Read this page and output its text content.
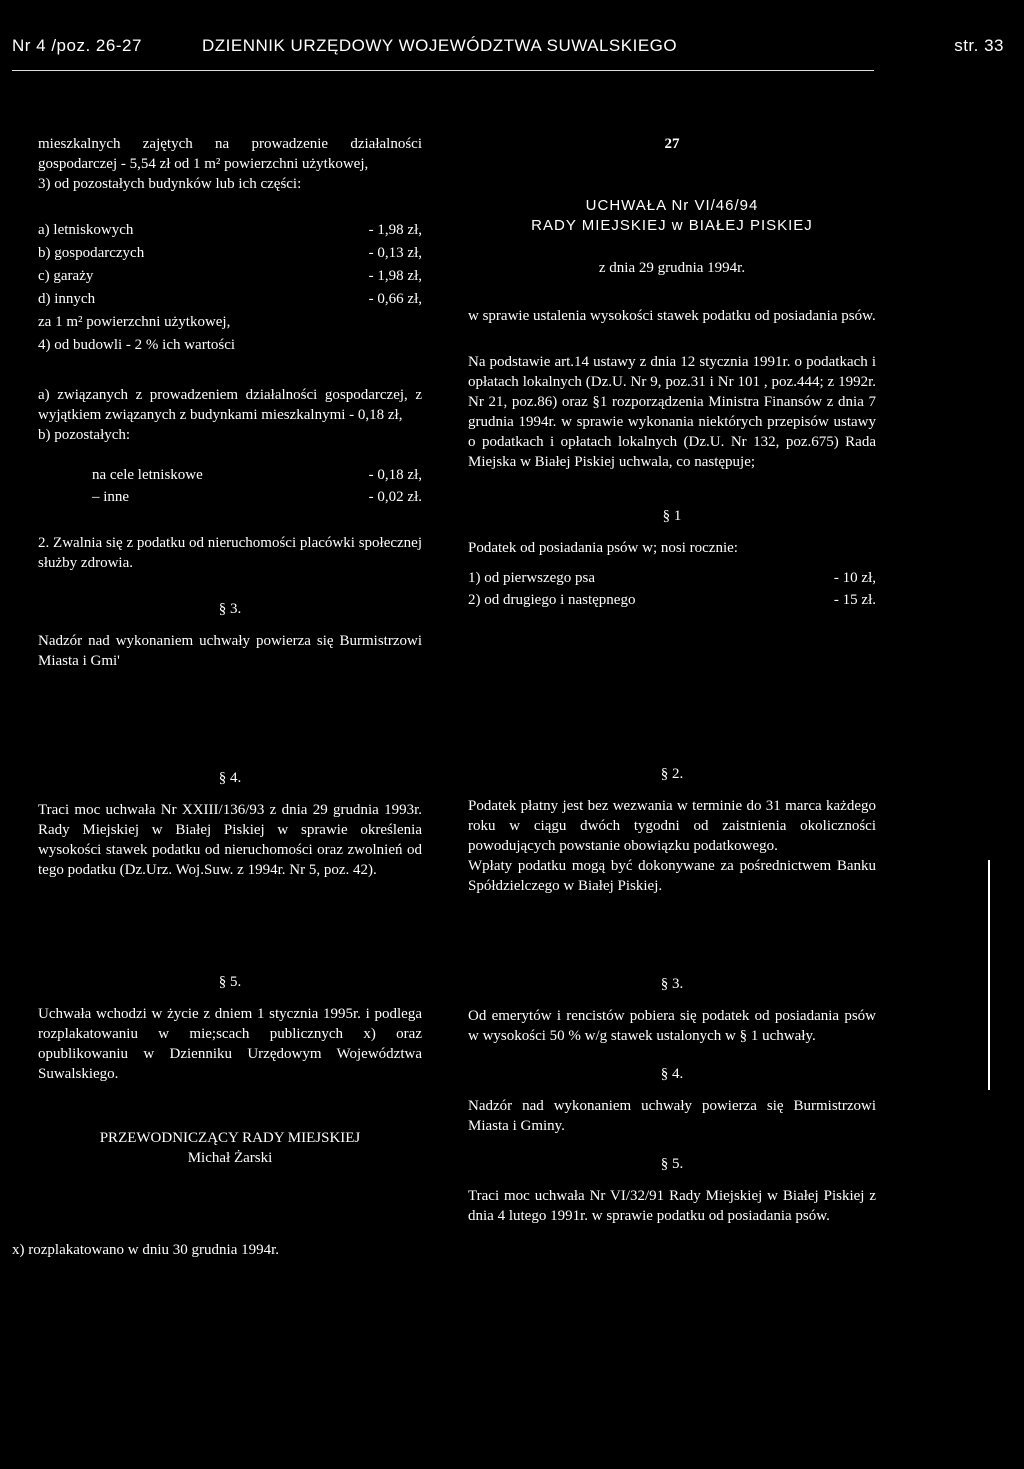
Nr 4 /poz. 26-27	DZIENNIK URZĘDOWY WOJEWÓDZTWA SUWALSKIEGO	str. 33

mieszkalnych zajętych na prowadzenie działalności gospodarczej - 5,54 zł od 1 m² powierzchni użytkowej,

3) od pozostałych budynków lub ich części:

a) letniskowych	- 1,98 zł,
b) gospodarczych	- 0,13 zł,
c) garaży	- 1,98 zł,
d) innych	- 0,66 zł,

za 1 m² powierzchni użytkowej,

4) od budowli - 2 % ich wartości

a) związanych z prowadzeniem działalności gospodarczej, z wyjątkiem związanych z budynkami mieszkalnymi - 0,18 zł,

b) pozostałych:

na cele letniskowe	- 0,18 zł,
– inne	- 0,02 zł.

2. Zwalnia się z podatku od nieruchomości placówki społecznej służby zdrowia.

§ 3.

Nadzór nad wykonaniem uchwały powierza się Burmistrzowi Miasta i Gmi'

§ 4.

Traci moc uchwała Nr XXIII/136/93 z dnia 29 grudnia 1993r. Rady Miejskiej w Białej Piskiej w sprawie określenia wysokości stawek podatku od nieruchomości oraz zwolnień od tego podatku (Dz.Urz. Woj.Suw. z 1994r. Nr 5, poz. 42).

§ 5.

Uchwała wchodzi w życie z dniem 1 stycznia 1995r. i podlega rozplakatowaniu w mie;scach publicznych x) oraz opublikowaniu w Dzienniku Urzędowym Województwa Suwalskiego.

PRZEWODNICZĄCY RADY MIEJSKIEJ

Michał Żarski

x) rozplakatowano w dniu 30 grudnia 1994r.

27

UCHWAŁA Nr VI/46/94

RADY MIEJSKIEJ w BIAŁEJ PISKIEJ

z dnia 29 grudnia 1994r.

w sprawie ustalenia wysokości stawek podatku od posiadania psów.

Na podstawie art.14 ustawy z dnia 12 stycznia 1991r. o podatkach i opłatach lokalnych (Dz.U. Nr 9, poz.31 i Nr 101 , poz.444; z 1992r. Nr 21, poz.86) oraz §1 rozporządzenia Ministra Finansów z dnia 7 grudnia 1994r. w sprawie wykonania niektórych przepisów ustawy o podatkach i opłatach lokalnych (Dz.U. Nr 132, poz.675) Rada Miejska w Białej Piskiej uchwala, co następuje;

§ 1

Podatek od posiadania psów w; nosi rocznie:

1) od pierwszego psa	- 10 zł,
2) od drugiego i następnego	- 15 zł.

§ 2.

Podatek płatny jest bez wezwania w terminie do 31 marca każdego roku w ciągu dwóch tygodni od zaistnienia okoliczności powodujących powstanie obowiązku podatkowego.

Wpłaty podatku mogą być dokonywane za pośrednictwem Banku Spółdzielczego w Białej Piskiej.

§ 3.

Od emerytów i rencistów pobiera się podatek od posiadania psów w wysokości 50 % w/g stawek ustalonych w § 1 uchwały.

§ 4.

Nadzór nad wykonaniem uchwały powierza się Burmistrzowi Miasta i Gminy.

§ 5.

Traci moc uchwała Nr VI/32/91 Rady Miejskiej w Białej Piskiej z dnia 4 lutego 1991r. w sprawie podatku od posiadania psów.
